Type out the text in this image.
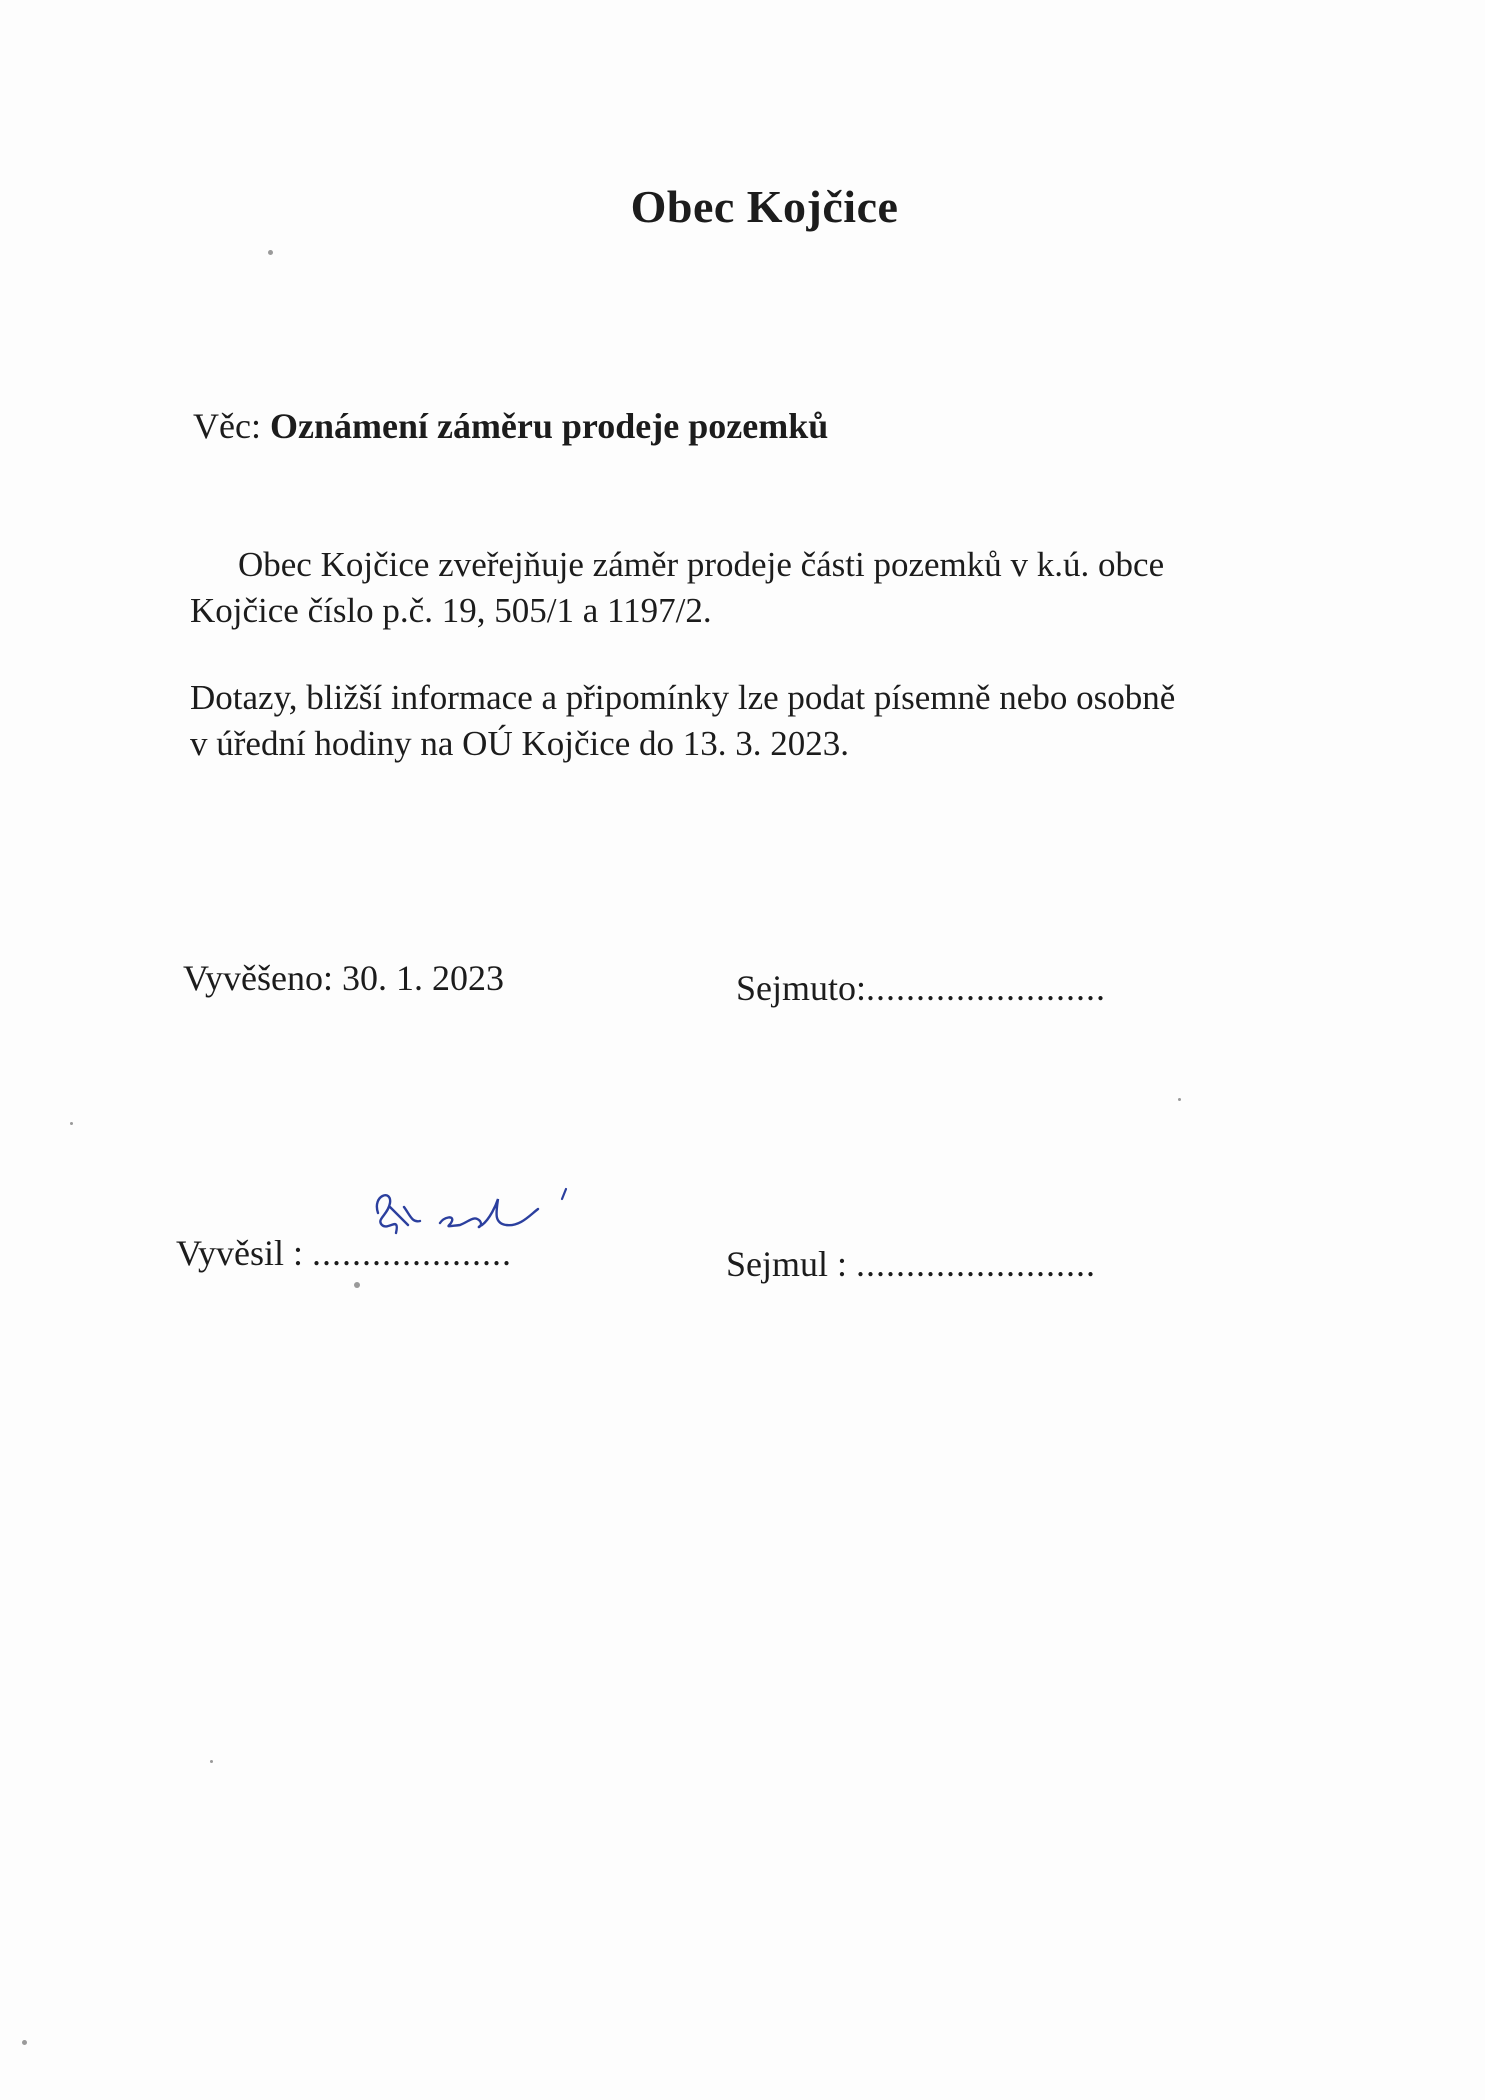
Obec Kojčice
Věc: Oznámení záměru prodeje pozemků
Obec Kojčice zveřejňuje záměr prodeje části pozemků v k.ú. obce
Kojčice číslo p.č. 19, 505/1 a 1197/2.
Dotazy, bližší informace a připomínky lze podat písemně nebo osobně
v úřední hodiny na OÚ Kojčice do 13. 3. 2023.
Vyvěšeno: 30. 1. 2023	Sejmuto:........................
Vyvěsil : ....................	Sejmul : ........................
